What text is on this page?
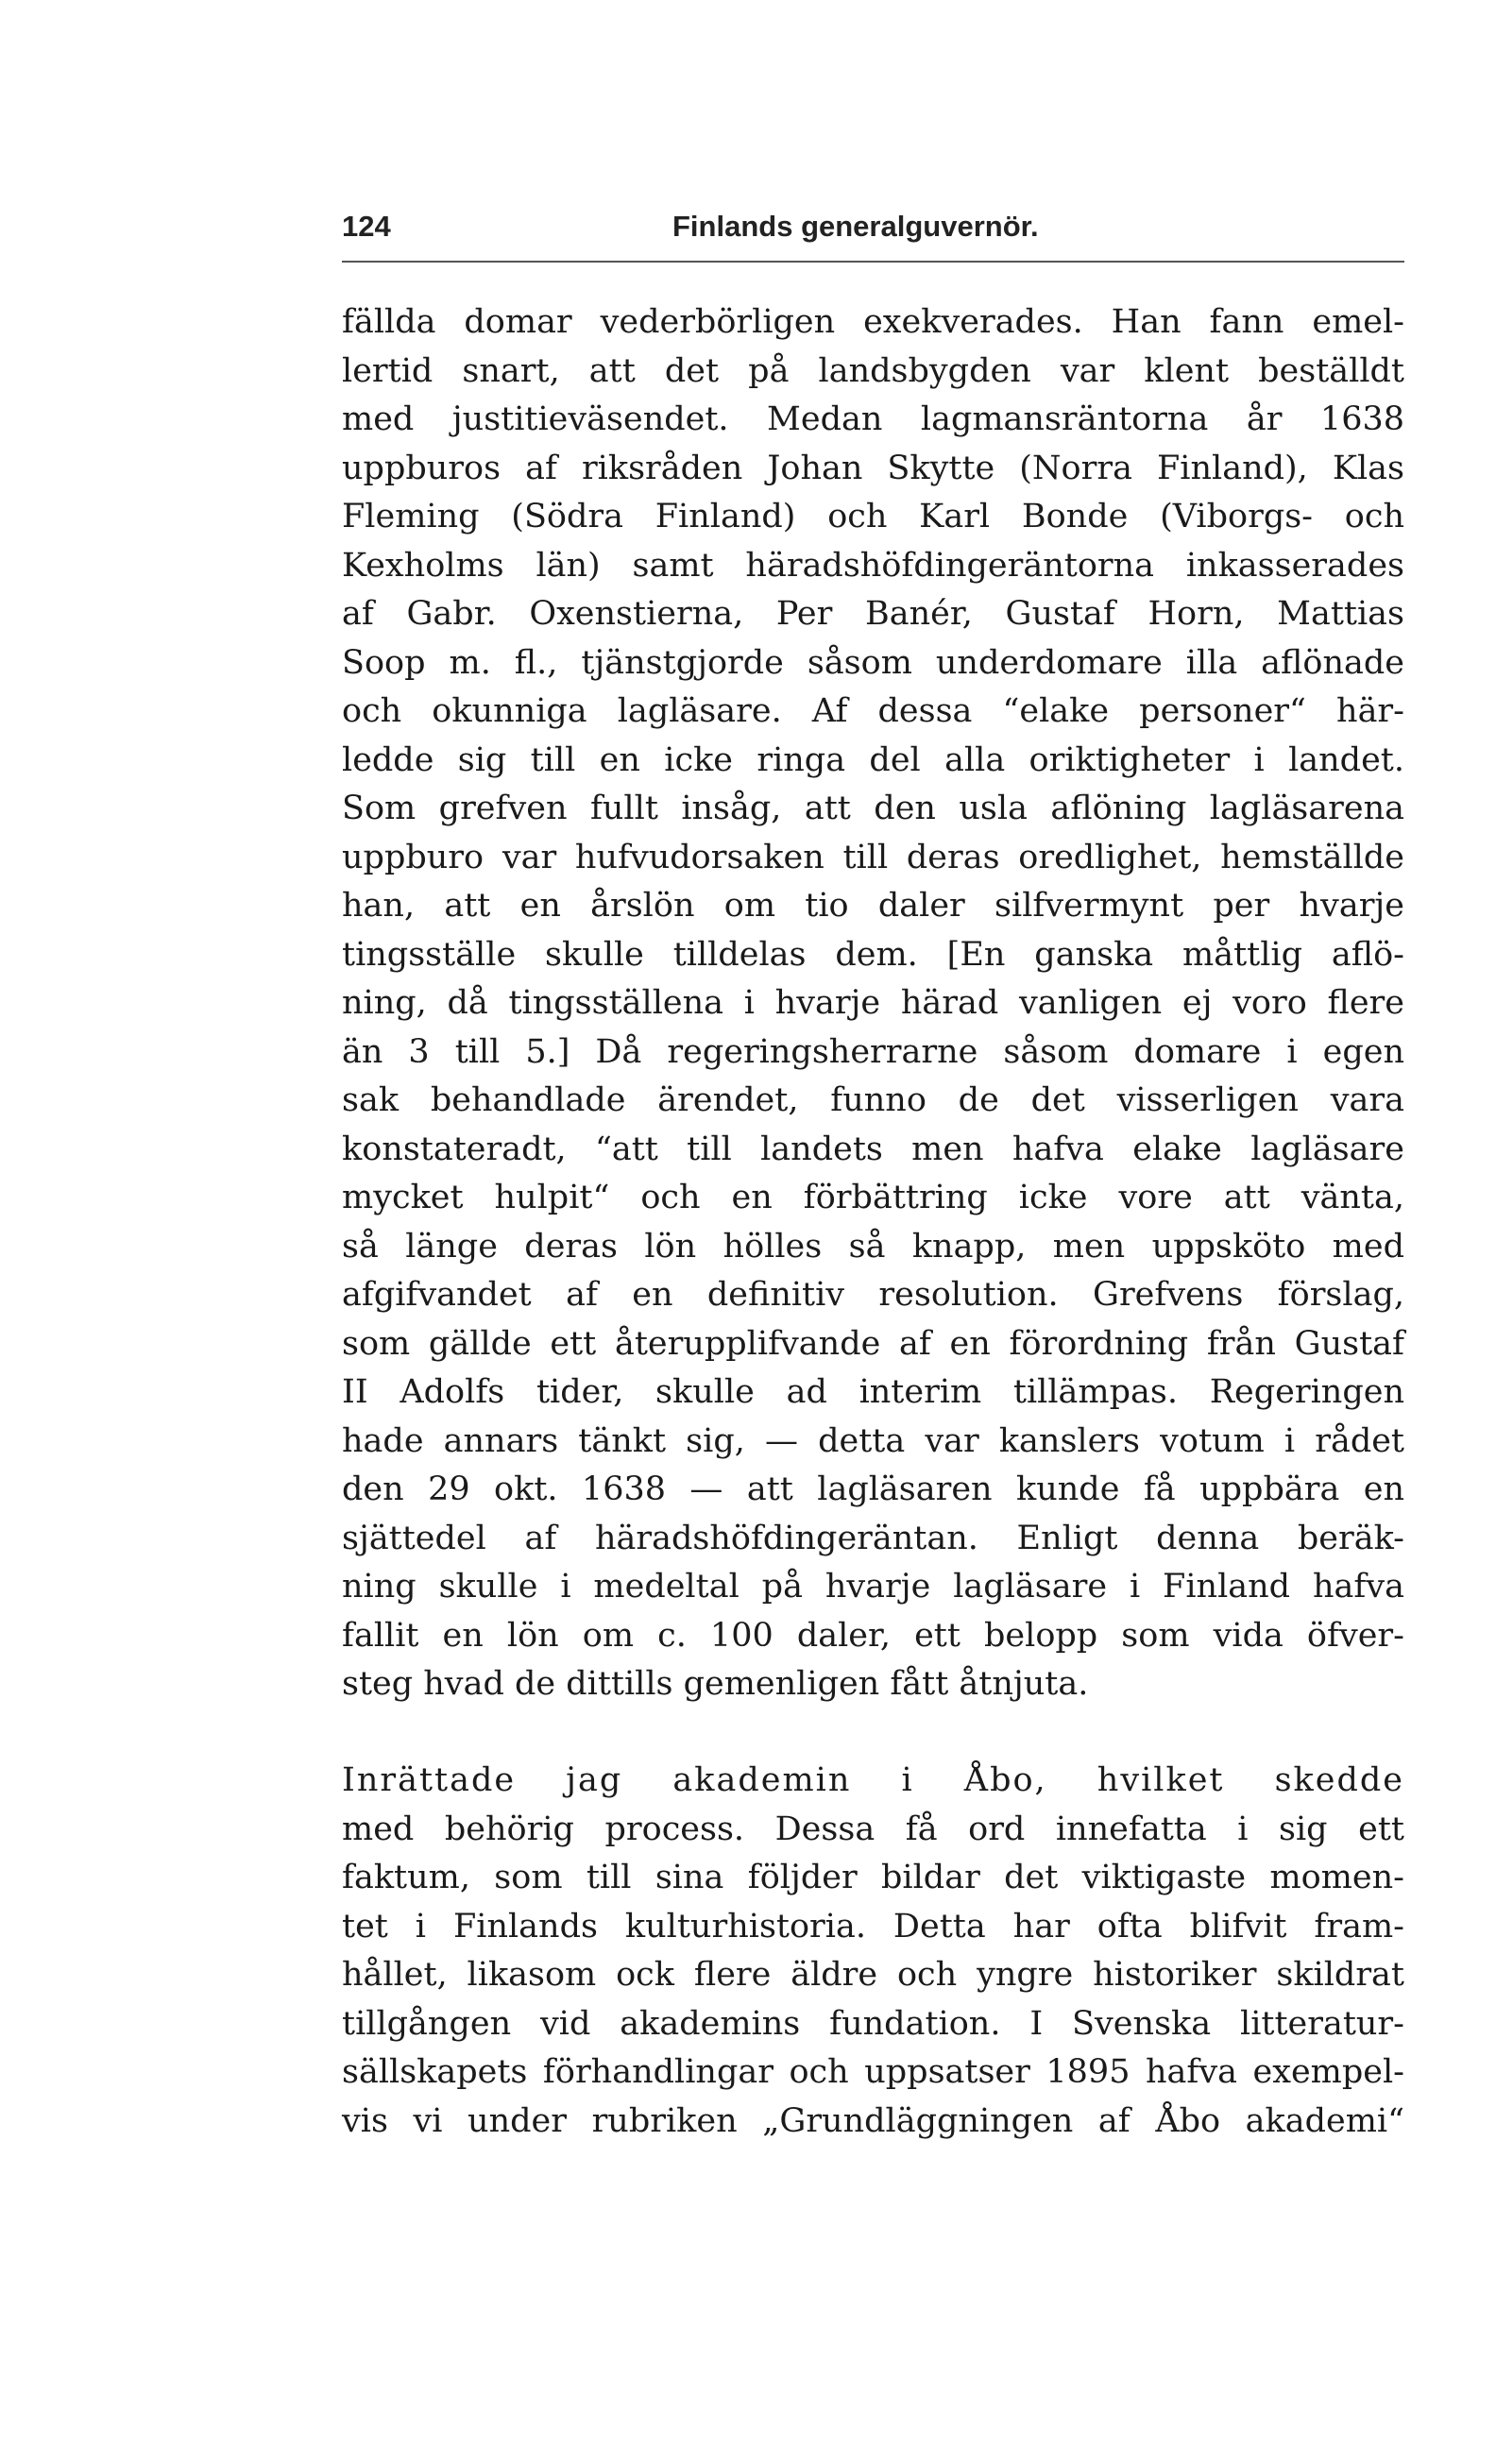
124	Finlands generalguvernör.
fällda domar vederbörligen exekverades. Han fann emel-
lertid snart, att det på landsbygden var klent beställdt
med justitieväsendet. Medan lagmansräntorna år 1638
uppburos af riksråden Johan Skytte (Norra Finland), Klas
Fleming (Södra Finland) och Karl Bonde (Viborgs- och
Kexholms län) samt häradshöfdingeräntorna inkasserades
af Gabr. Oxenstierna, Per Banér, Gustaf Horn, Mattias
Soop m. fl., tjänstgjorde såsom underdomare illa aflönade
och okunniga lagläsare. Af dessa “elake personer“ här-
ledde sig till en icke ringa del alla oriktigheter i landet.
Som grefven fullt insåg, att den usla aflöning lagläsarena
uppburo var hufvudorsaken till deras oredlighet, hemställde
han, att en årslön om tio daler silfvermynt per hvarje
tingsställe skulle tilldelas dem. [En ganska måttlig aflö-
ning, då tingsställena i hvarje härad vanligen ej voro flere
än 3 till 5.] Då regeringsherrarne såsom domare i egen
sak behandlade ärendet, funno de det visserligen vara
konstateradt, “att till landets men hafva elake lagläsare
mycket hulpit“ och en förbättring icke vore att vänta,
så länge deras lön hölles så knapp, men uppsköto med
afgifvandet af en definitiv resolution. Grefvens förslag,
som gällde ett återupplifvande af en förordning från Gustaf
II Adolfs tider, skulle ad interim tillämpas. Regeringen
hade annars tänkt sig, — detta var kanslers votum i rådet
den 29 okt. 1638 — att lagläsaren kunde få uppbära en
sjättedel af häradshöfdingeräntan. Enligt denna beräk-
ning skulle i medeltal på hvarje lagläsare i Finland hafva
fallit en lön om c. 100 daler, ett belopp som vida öfver-
steg hvad de dittills gemenligen fått åtnjuta.
Inrättade jag akademin i Åbo, hvilket skedde
med behörig process. Dessa få ord innefatta i sig ett
faktum, som till sina följder bildar det viktigaste momen-
tet i Finlands kulturhistoria. Detta har ofta blifvit fram-
hållet, likasom ock flere äldre och yngre historiker skildrat
tillgången vid akademins fundation. I Svenska litteratur-
sällskapets förhandlingar och uppsatser 1895 hafva exempel-
vis vi under rubriken „Grundläggningen af Åbo akademi“
